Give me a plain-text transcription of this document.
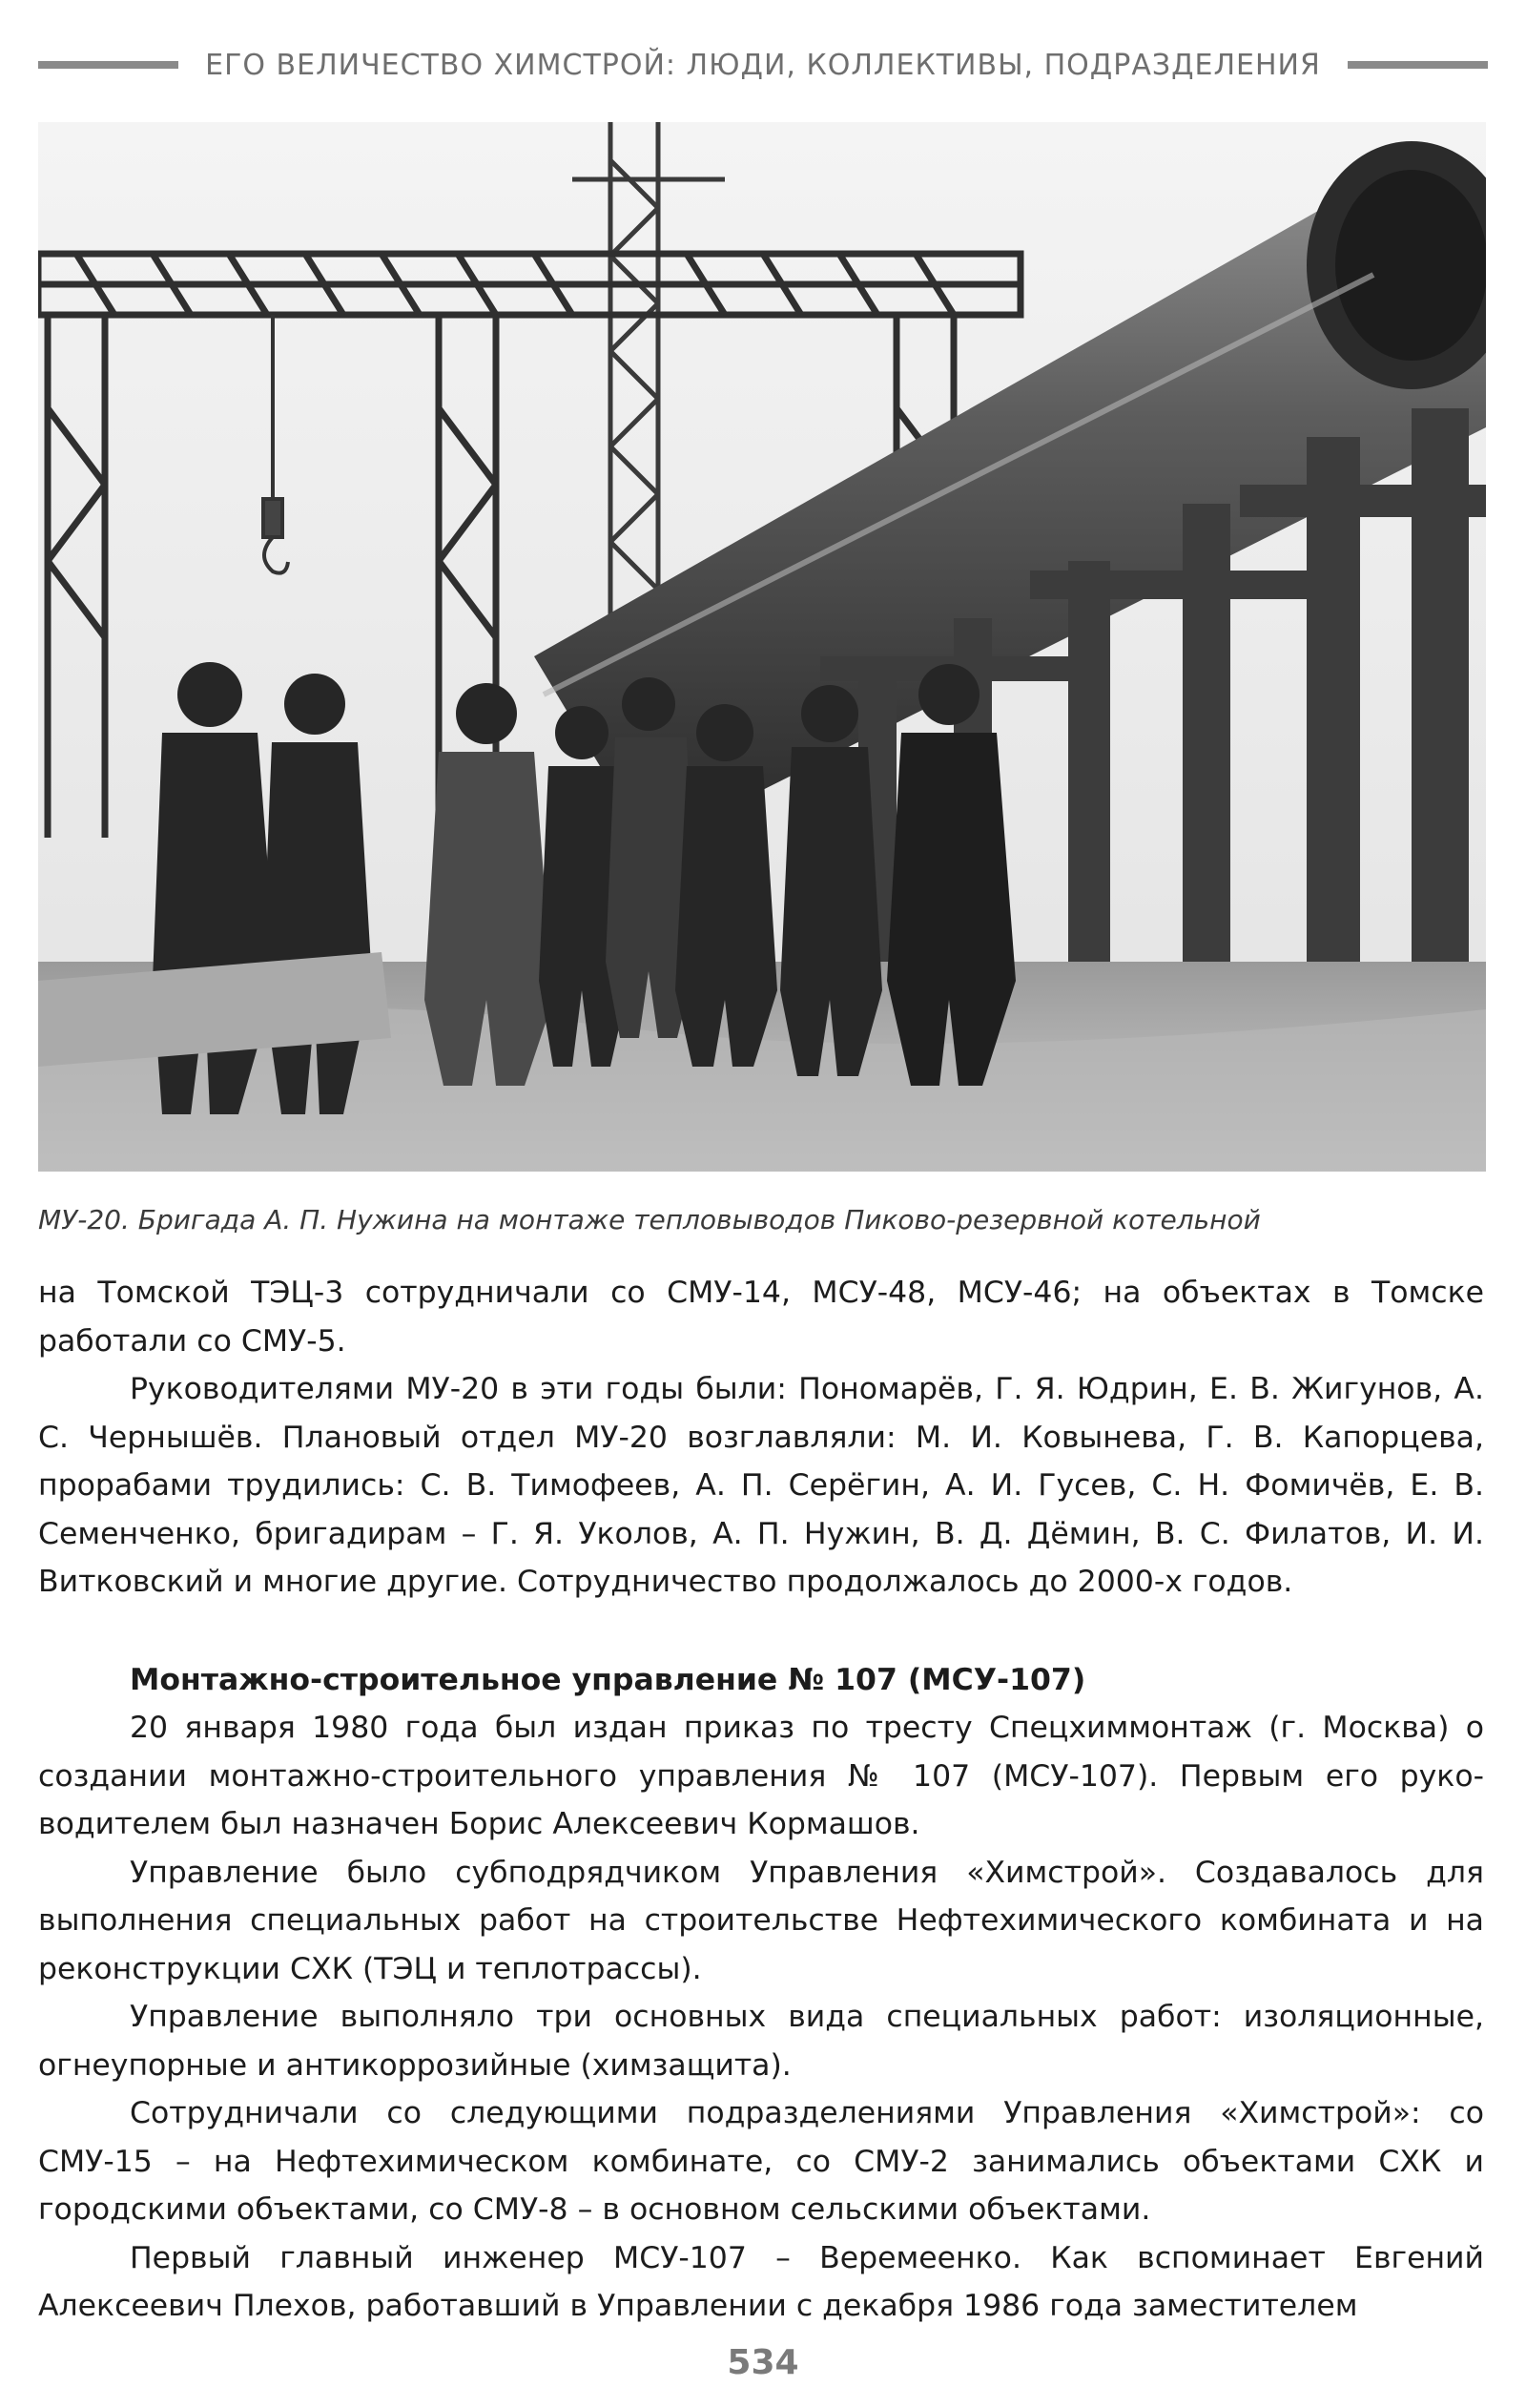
ЕГО ВЕЛИЧЕСТВО ХИМСТРОЙ: ЛЮДИ, КОЛЛЕКТИВЫ, ПОДРАЗДЕЛЕНИЯ
МУ-20. Бригада А. П. Нужина на монтаже тепловыводов Пиково-резервной котельной

на Томской ТЭЦ-3 сотрудничали со СМУ-14, МСУ-48, МСУ-46; на объектах в Томске работали со СМУ-5.

Руководителями МУ-20 в эти годы были: Пономарёв, Г. Я. Юдрин, Е. В. Жигунов, А. С. Чернышёв. Плановый отдел МУ-20 возглавляли: М. И. Ковынева, Г. В. Капорцева, прорабами трудились: С. В. Тимофеев, А. П. Серёгин, А. И. Гусев, С. Н. Фомичёв, Е. В. Семенченко, бригадирам – Г. Я. Уколов, А. П. Нужин, В. Д. Дёмин, В. С. Филатов, И. И. Витковский и многие другие. Сотрудничество продолжалось до 2000-х годов.

Монтажно-строительное управление № 107 (МСУ-107)

20 января 1980 года был издан приказ по тресту Спецхиммонтаж (г. Москва) о создании монтажно-строительного управления № 107 (МСУ-107). Первым его руководителем был назначен Борис Алексеевич Кормашов.

Управление было субподрядчиком Управления «Химстрой». Создавалось для выполнения специальных работ на строительстве Нефтехимического комбината и на реконструкции СХК (ТЭЦ и теплотрассы).

Управление выполняло три основных вида специальных работ: изоляционные, огнеупорные и антикоррозийные (химзащита).

Сотрудничали со следующими подразделениями Управления «Химстрой»: со СМУ-15 – на Нефтехимическом комбинате, со СМУ-2 занимались объектами СХК и городскими объектами, со СМУ-8 – в основном сельскими объектами.

Первый главный инженер МСУ-107 – Веремеенко. Как вспоминает Евгений Алексеевич Плехов, работавший в Управлении с декабря 1986 года заместителем

534
